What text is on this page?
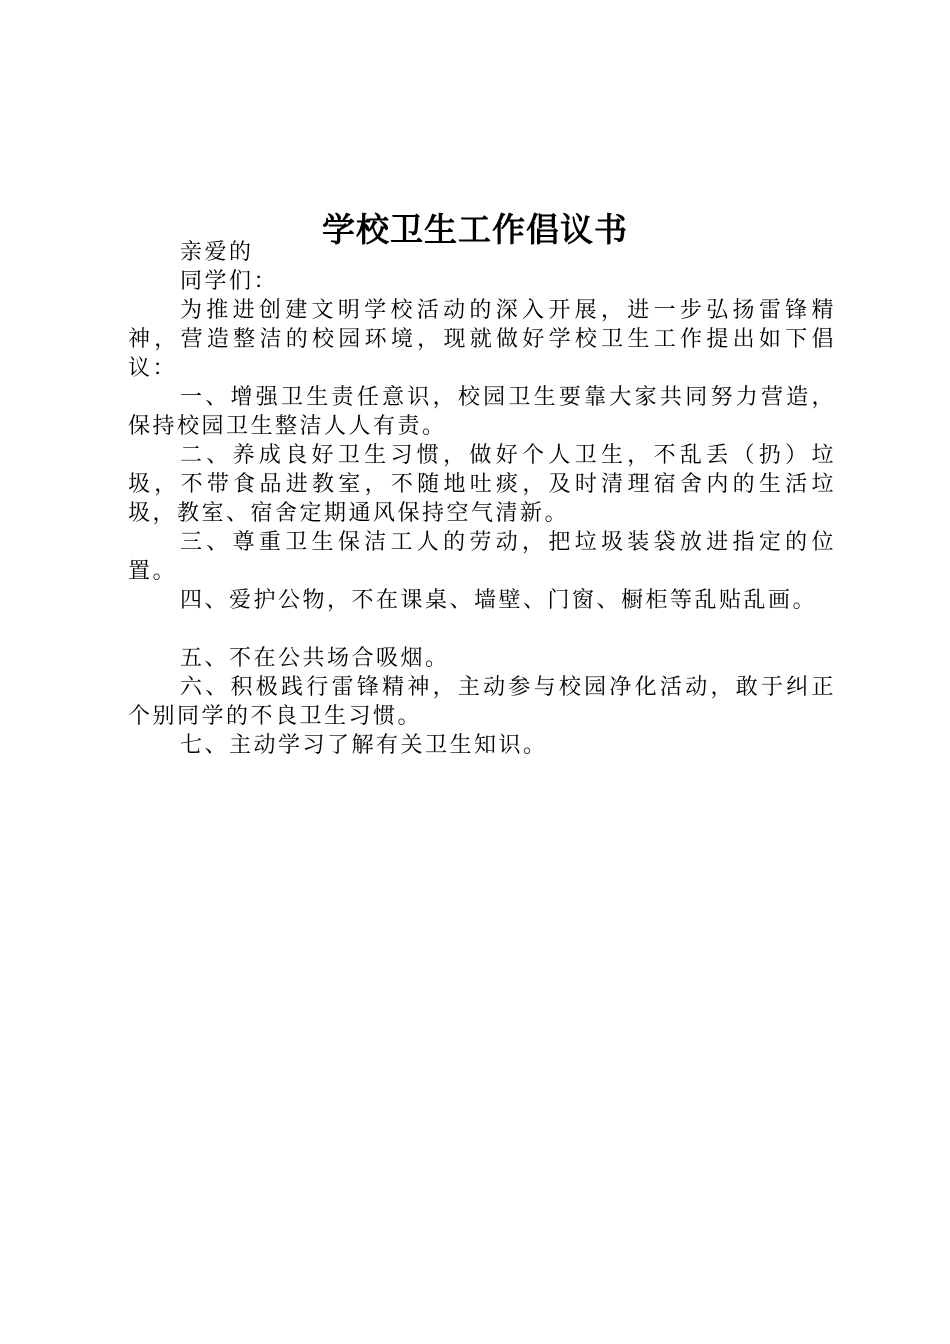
学校卫生工作倡议书

亲爱的

同学们：

为推进创建文明学校活动的深入开展，进一步弘扬雷锋精神，营造整洁的校园环境，现就做好学校卫生工作提出如下倡议：

一、增强卫生责任意识，校园卫生要靠大家共同努力营造，保持校园卫生整洁人人有责。

二、养成良好卫生习惯，做好个人卫生，不乱丢（扔）垃圾，不带食品进教室，不随地吐痰，及时清理宿舍内的生活垃圾，教室、宿舍定期通风保持空气清新。

三、尊重卫生保洁工人的劳动，把垃圾装袋放进指定的位置。

四、爱护公物，不在课桌、墙壁、门窗、橱柜等乱贴乱画。

五、不在公共场合吸烟。

六、积极践行雷锋精神，主动参与校园净化活动，敢于纠正个别同学的不良卫生习惯。

七、主动学习了解有关卫生知识。
